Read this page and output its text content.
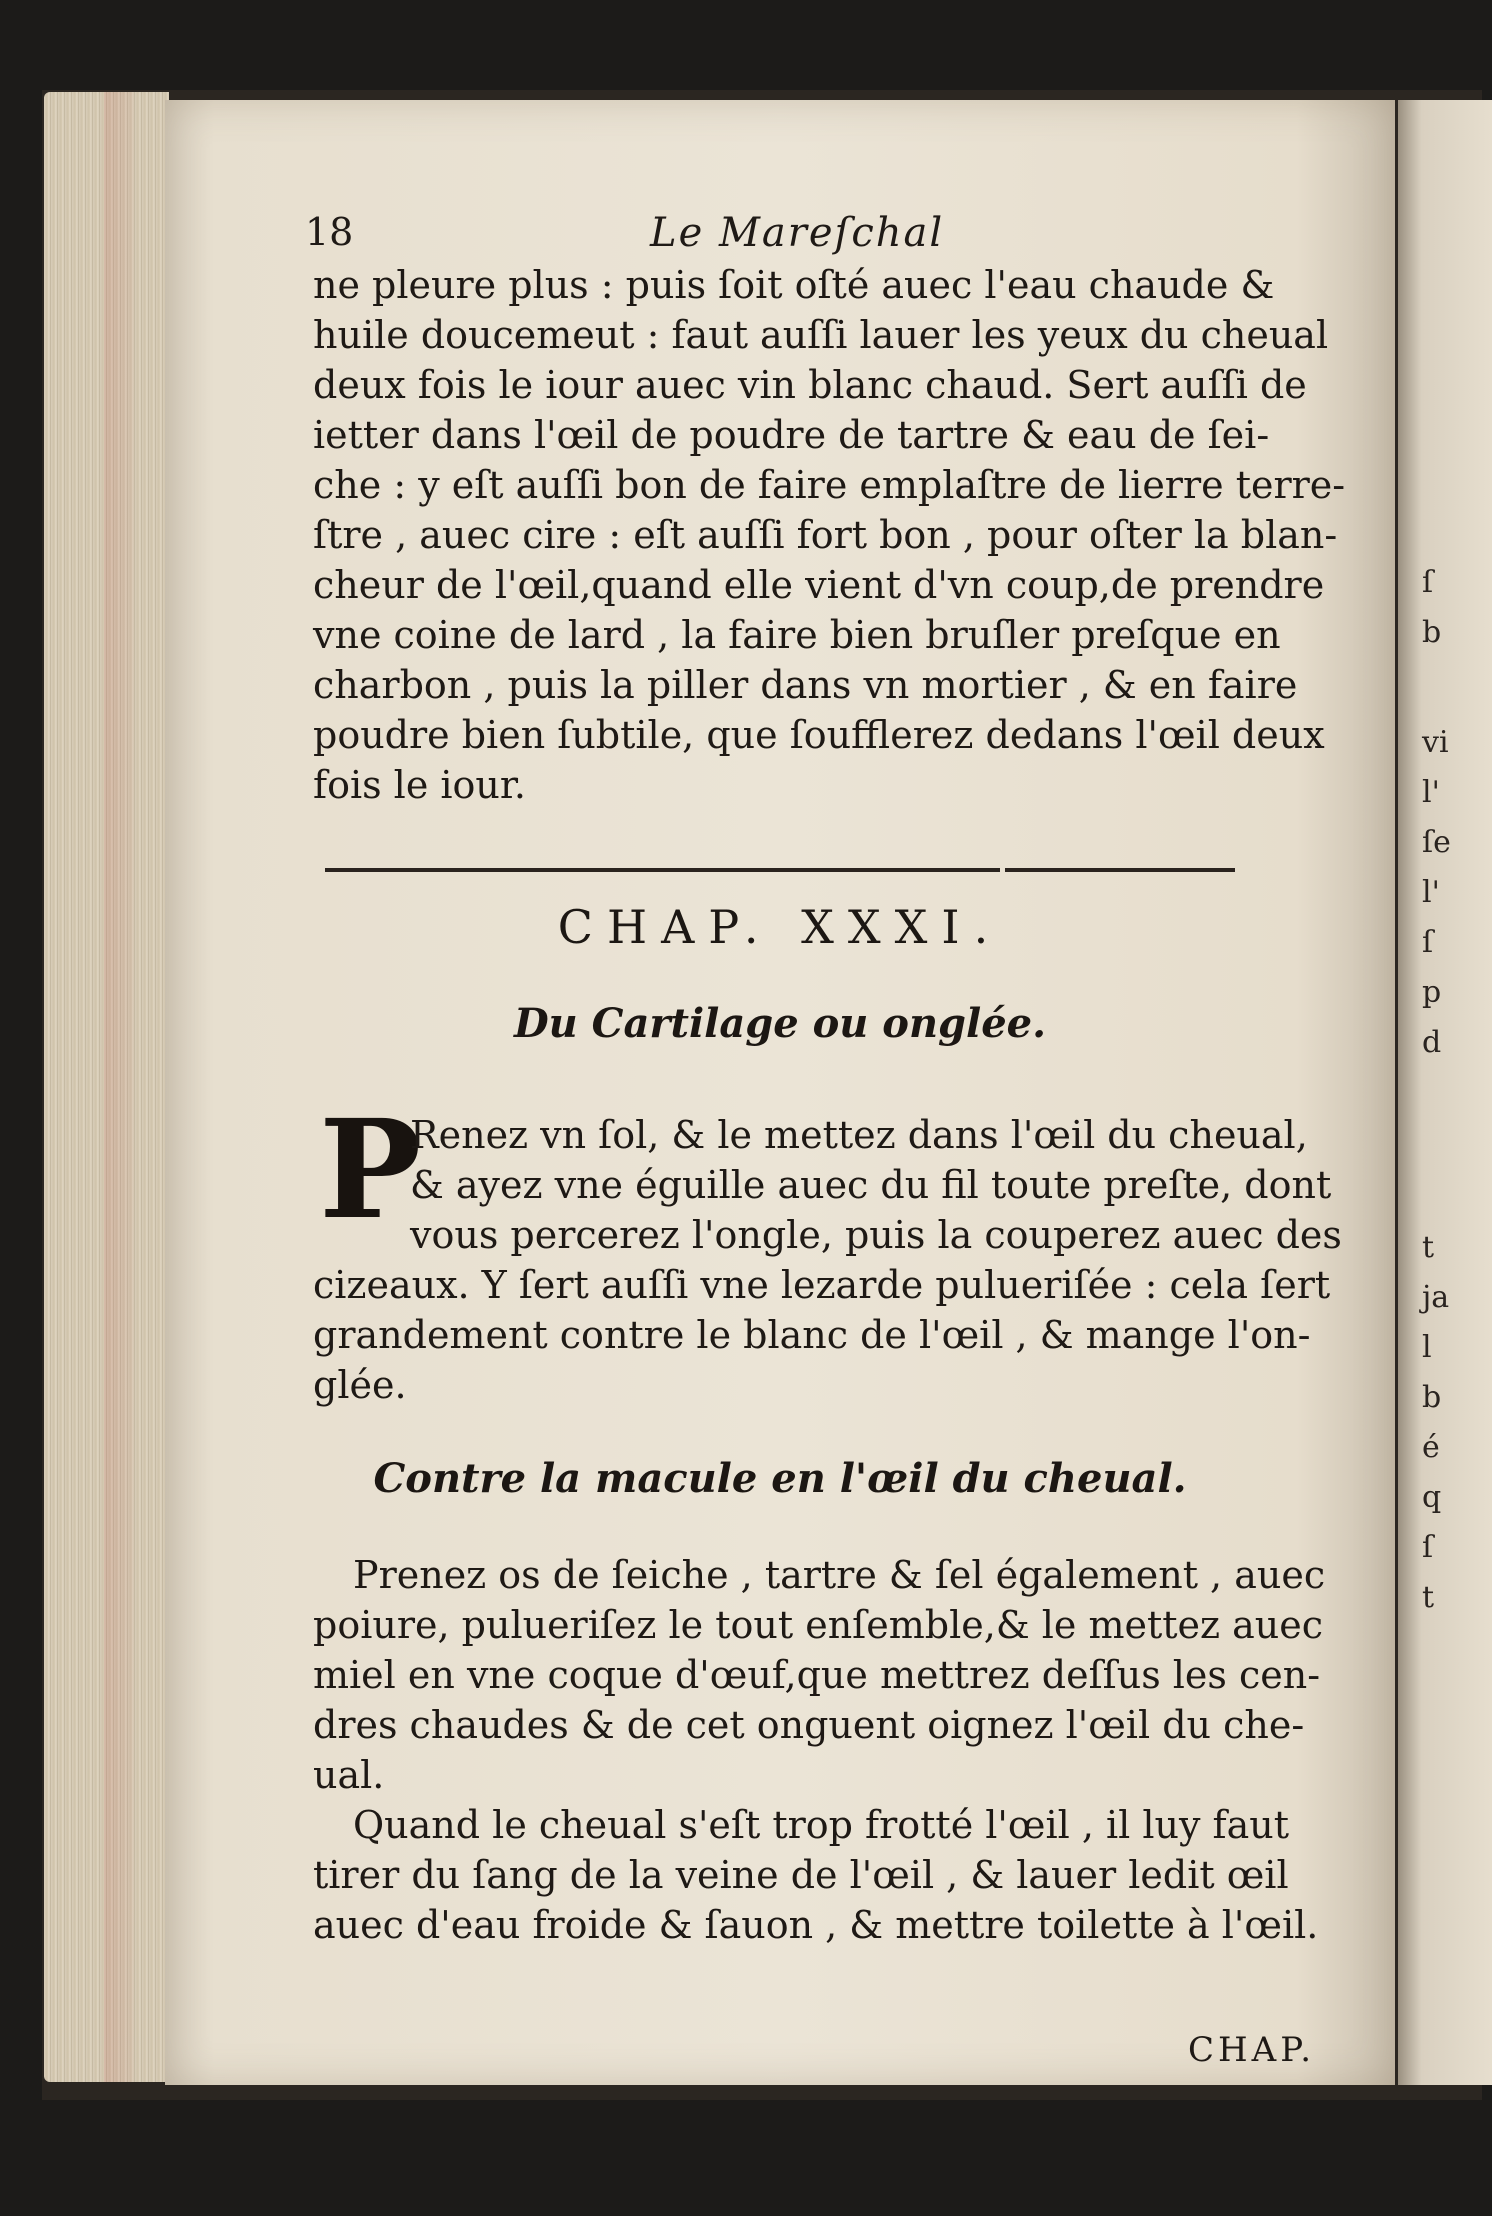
ſ
b
vi
l'
ſe
l'
ſ
p
d
t
ja
l
b
é
q
ſ
t
18	Le Mareſchal
ne pleure plus : puis ſoit oſté auec l'eau chaude &
huile doucemeut : faut auſſi lauer les yeux du cheual
deux fois le iour auec vin blanc chaud. Sert auſſi de
ietter dans l'œil de poudre de tartre & eau de ſei-
che : y eſt auſſi bon de faire emplaſtre de lierre terre-
ſtre , auec cire : eſt auſſi fort bon , pour oſter la blan-
cheur de l'œil,quand elle vient d'vn coup,de prendre
vne coine de lard , la faire bien bruſler preſque en
charbon , puis la piller dans vn mortier , & en faire
poudre bien ſubtile, que ſoufflerez dedans l'œil deux
fois le iour.
CHAP. XXXI.
Du Cartilage ou onglée.
P
Renez vn ſol, & le mettez dans l'œil du cheual,
& ayez vne éguille auec du fil toute preſte, dont
vous percerez l'ongle, puis la couperez auec des
cizeaux. Y ſert auſſi vne lezarde pulueriſée : cela ſert
grandement contre le blanc de l'œil , & mange l'on-
glée.
Contre la macule en l'œil du cheual.
Prenez os de ſeiche , tartre & ſel également , auec
poiure, pulueriſez le tout enſemble,& le mettez auec
miel en vne coque d'œuf,que mettrez deſſus les cen-
dres chaudes & de cet onguent oignez l'œil du che-
ual.
Quand le cheual s'eſt trop frotté l'œil , il luy faut
tirer du ſang de la veine de l'œil , & lauer ledit œil
auec d'eau froide & ſauon , & mettre toilette à l'œil.
CHAP.
